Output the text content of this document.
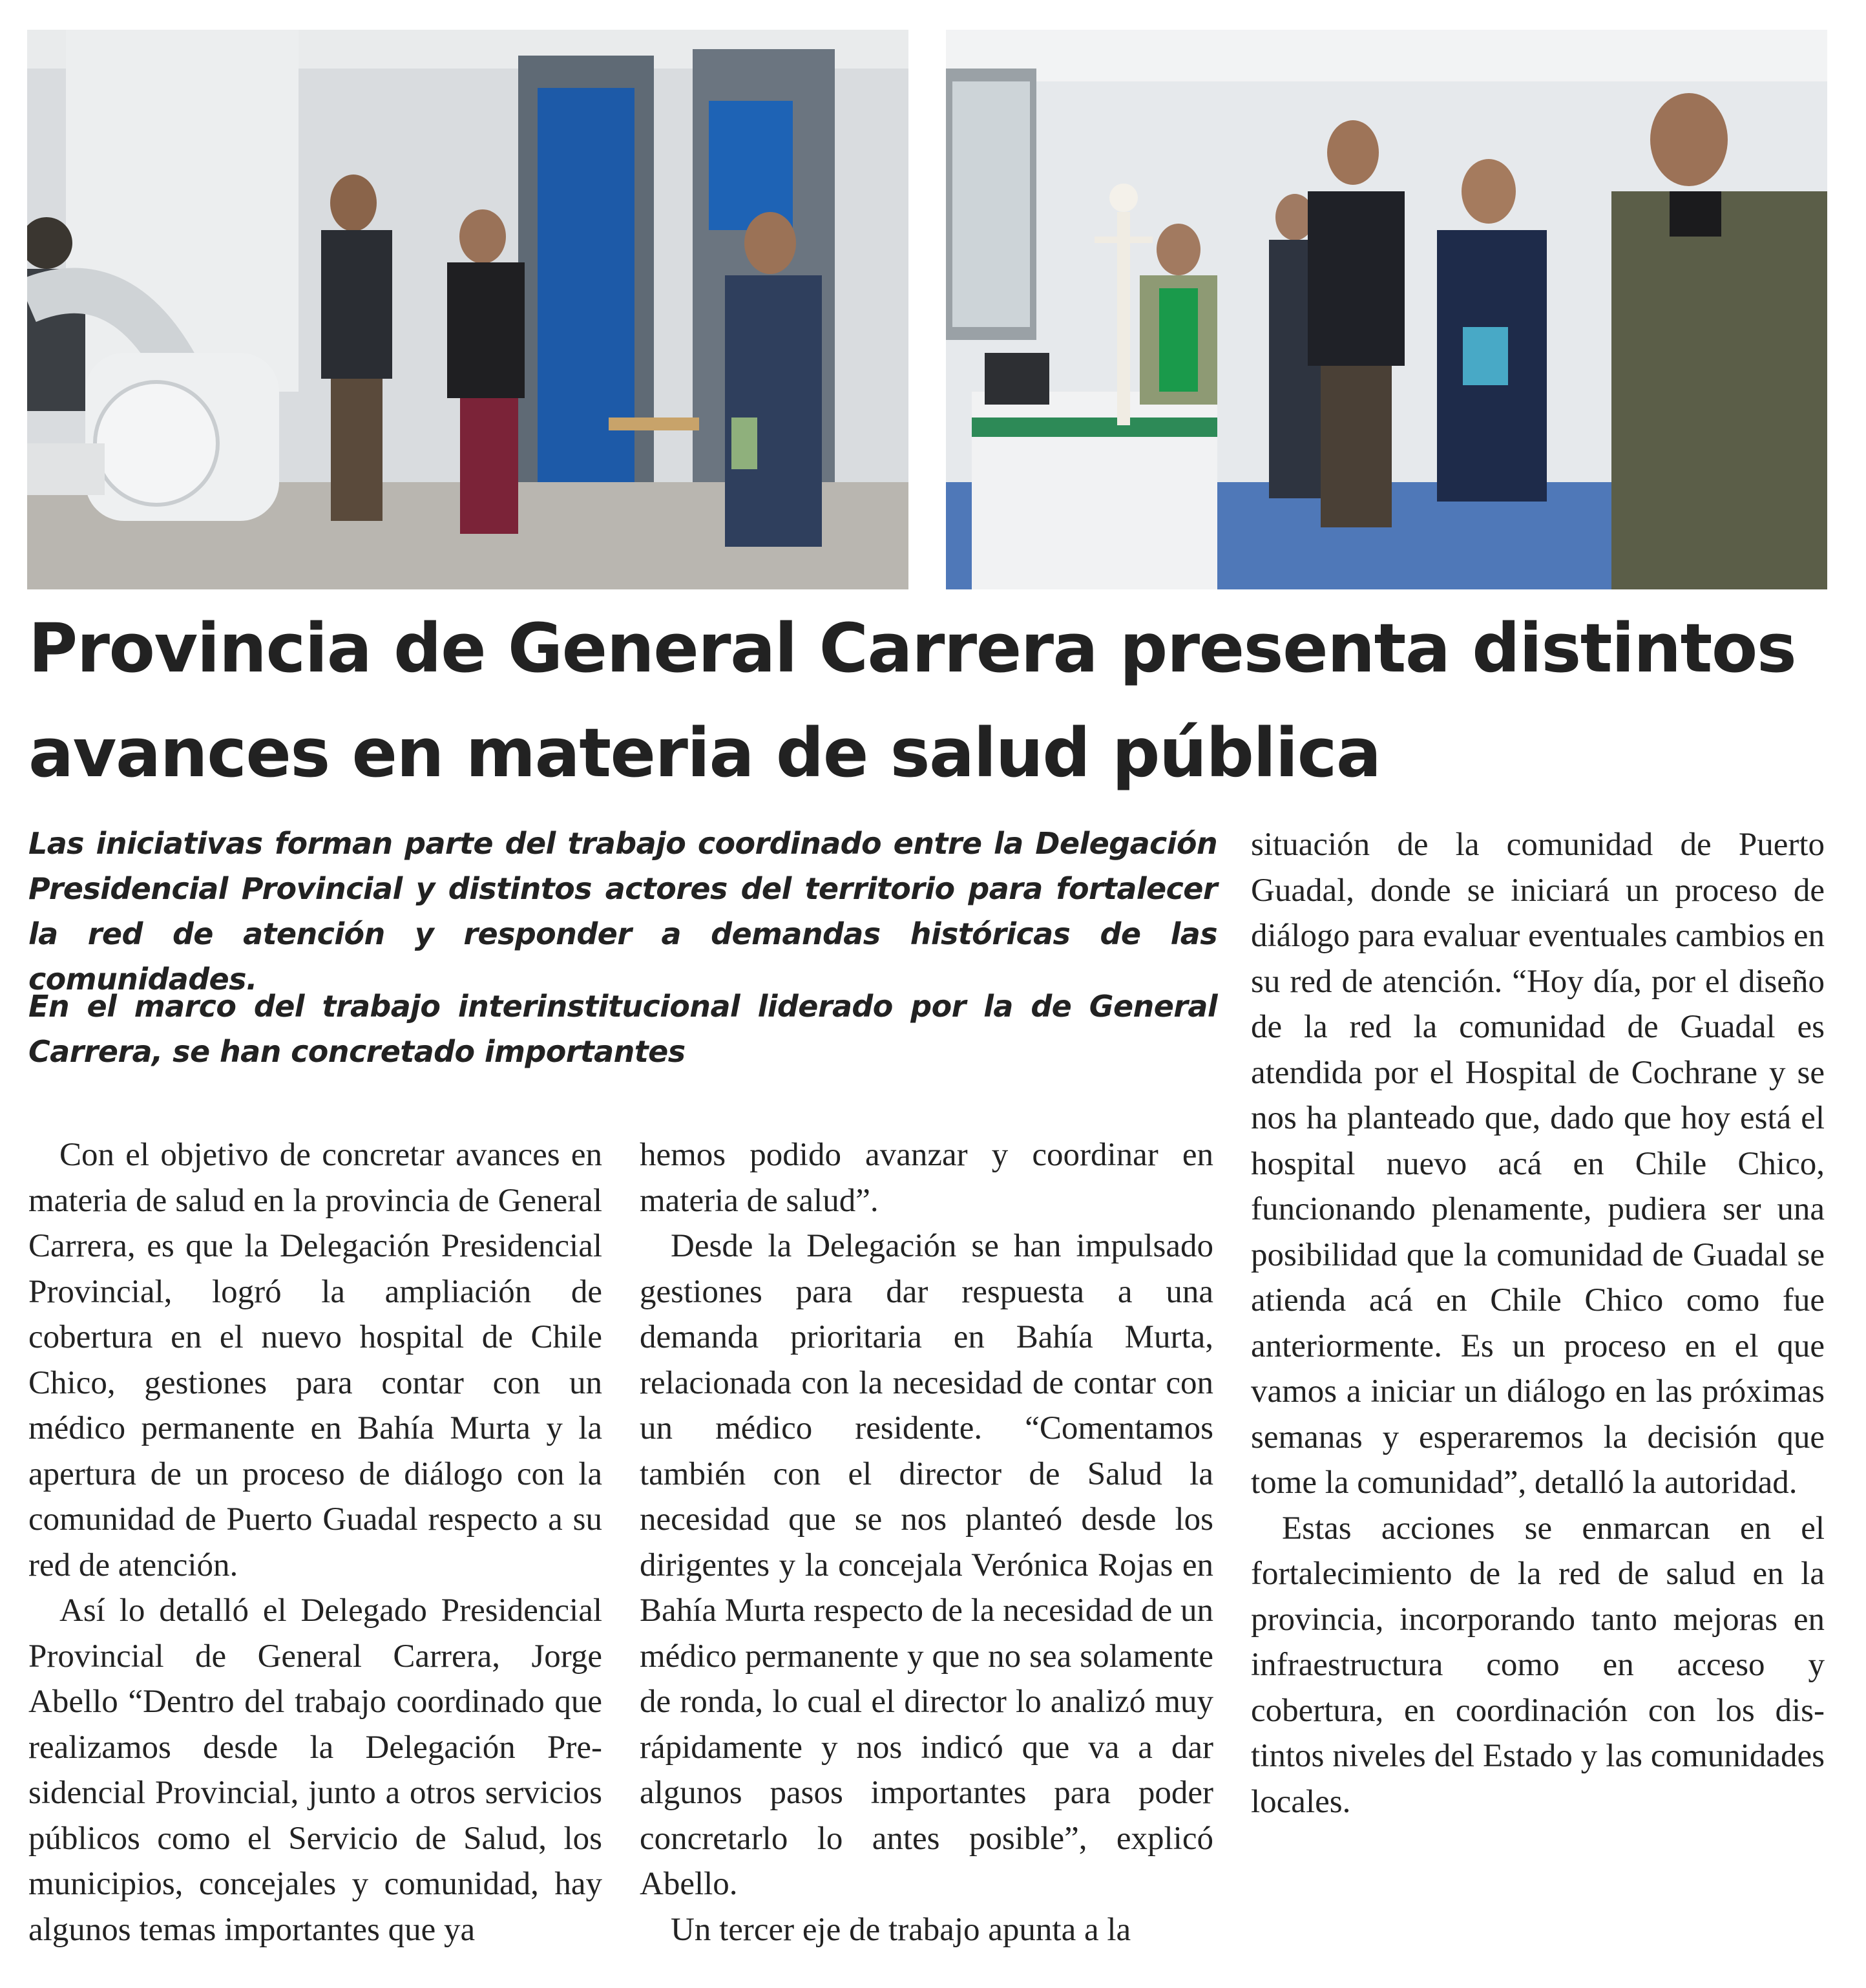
Provincia de General Carrera presenta distintos avances en materia de salud pública

Las iniciativas forman parte del trabajo coordinado entre la Delegación Presidencial Provincial y distintos actores del territorio para fortalecer la red de atención y responder a demandas históricas de las comunidades.

En el marco del trabajo interinstitucional liderado por la de General Carrera, se han concretado importantes

Con el objetivo de concretar avances en materia de salud en la provincia de General Carrera, es que la Delegación Presidencial Provincial, logró la ampliación de cobertura en el nuevo hospital de Chile Chico, gestiones para contar con un médico permanente en Bahía Murta y la apertura de un proceso de diálogo con la comunidad de Puerto Guadal respecto a su red de atención.

Así lo detalló el Delegado Presidencial Provincial de General Carrera, Jorge Abello “Dentro del trabajo coordinado que realizamos desde la Delegación Presidencial Provincial, junto a otros servicios públicos como el Servicio de Salud, los municipios, concejales y comunidad, hay algunos temas importantes que ya

hemos podido avanzar y coordinar en materia de salud”.

Desde la Delegación se han impulsado gestiones para dar respuesta a una demanda prioritaria en Bahía Murta, relacionada con la necesidad de contar con un médico residente. “Comentamos también con el director de Salud la necesidad que se nos planteó desde los dirigentes y la concejala Verónica Rojas en Bahía Murta respecto de la necesidad de un médico permanente y que no sea solamente de ronda, lo cual el director lo analizó muy rápidamente y nos indicó que va a dar algunos pasos importantes para poder concretarlo lo antes posible”, explicó Abello.

Un tercer eje de trabajo apunta a la

situación de la comunidad de Puerto Guadal, donde se iniciará un proceso de diálogo para evaluar eventuales cambios en su red de atención. “Hoy día, por el diseño de la red la comunidad de Guadal es atendida por el Hospital de Cochrane y se nos ha planteado que, dado que hoy está el hospital nuevo acá en Chile Chico, funcionando plenamente, pudiera ser una posibilidad que la comunidad de Guadal se atienda acá en Chile Chico como fue anteriormente. Es un proceso en el que vamos a iniciar un diálogo en las próximas semanas y esperaremos la decisión que tome la comunidad”, detalló la autoridad.

Estas acciones se enmarcan en el fortalecimiento de la red de salud en la provincia, incorporando tanto mejoras en infraestructura como en acceso y cobertura, en coordinación con los distintos niveles del Estado y las comunidades locales.
